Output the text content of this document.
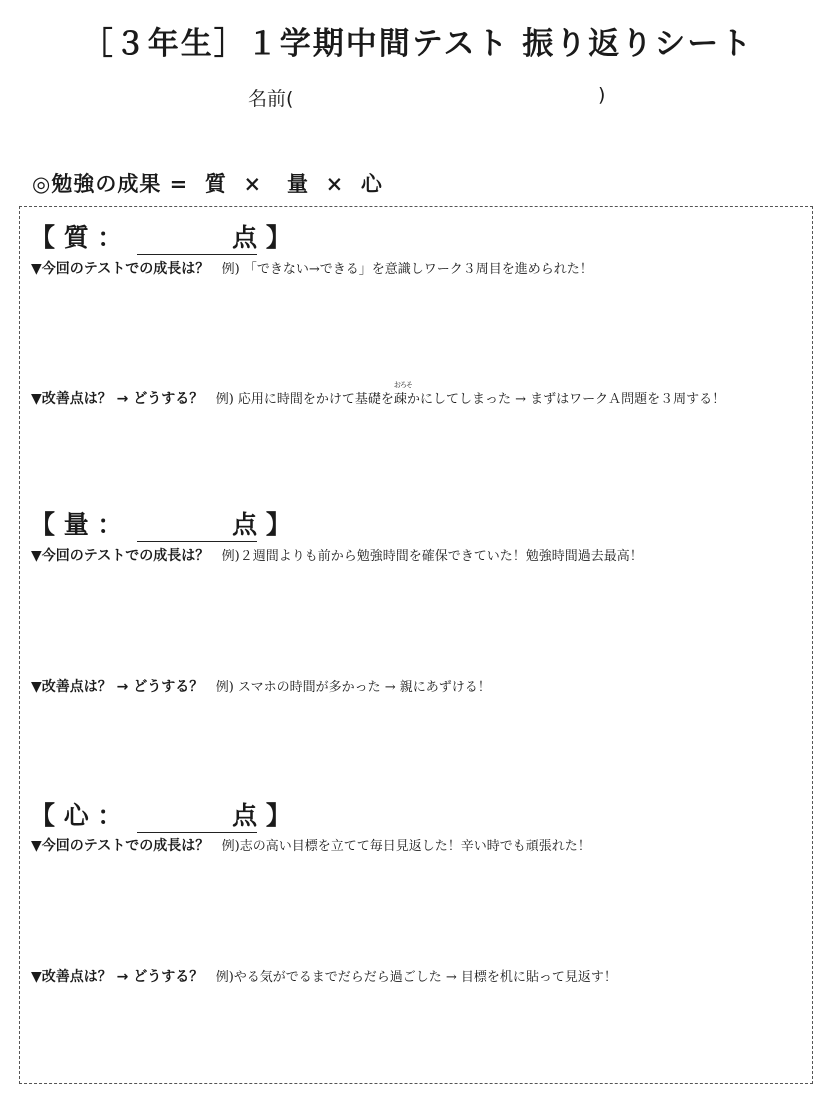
［３年生］１学期中間テスト 振り返りシート
名前(	)
◎勉強の成果 =  質  ×   量  ×  心
【 質 ：	点 】
▼今回のテストでの成長は？ 例) 「できない→できる」を意識しワーク３周目を進められた！
▼改善点は？ → どうする？ 例) 応用に時間をかけて基礎を
おろそ
疎かにしてしまった → まずはワークＡ問題を３周する！
【 量 ：	点 】
▼今回のテストでの成長は？ 例)２週間よりも前から勉強時間を確保できていた！勉強時間過去最高！
▼改善点は？ → どうする？ 例) スマホの時間が多かった → 親にあずける！
【 心 ：	点 】
▼今回のテストでの成長は？ 例)志の高い目標を立てて毎日見返した！辛い時でも頑張れた！
▼改善点は？ → どうする？ 例)やる気がでるまでだらだら過ごした → 目標を机に貼って見返す！
